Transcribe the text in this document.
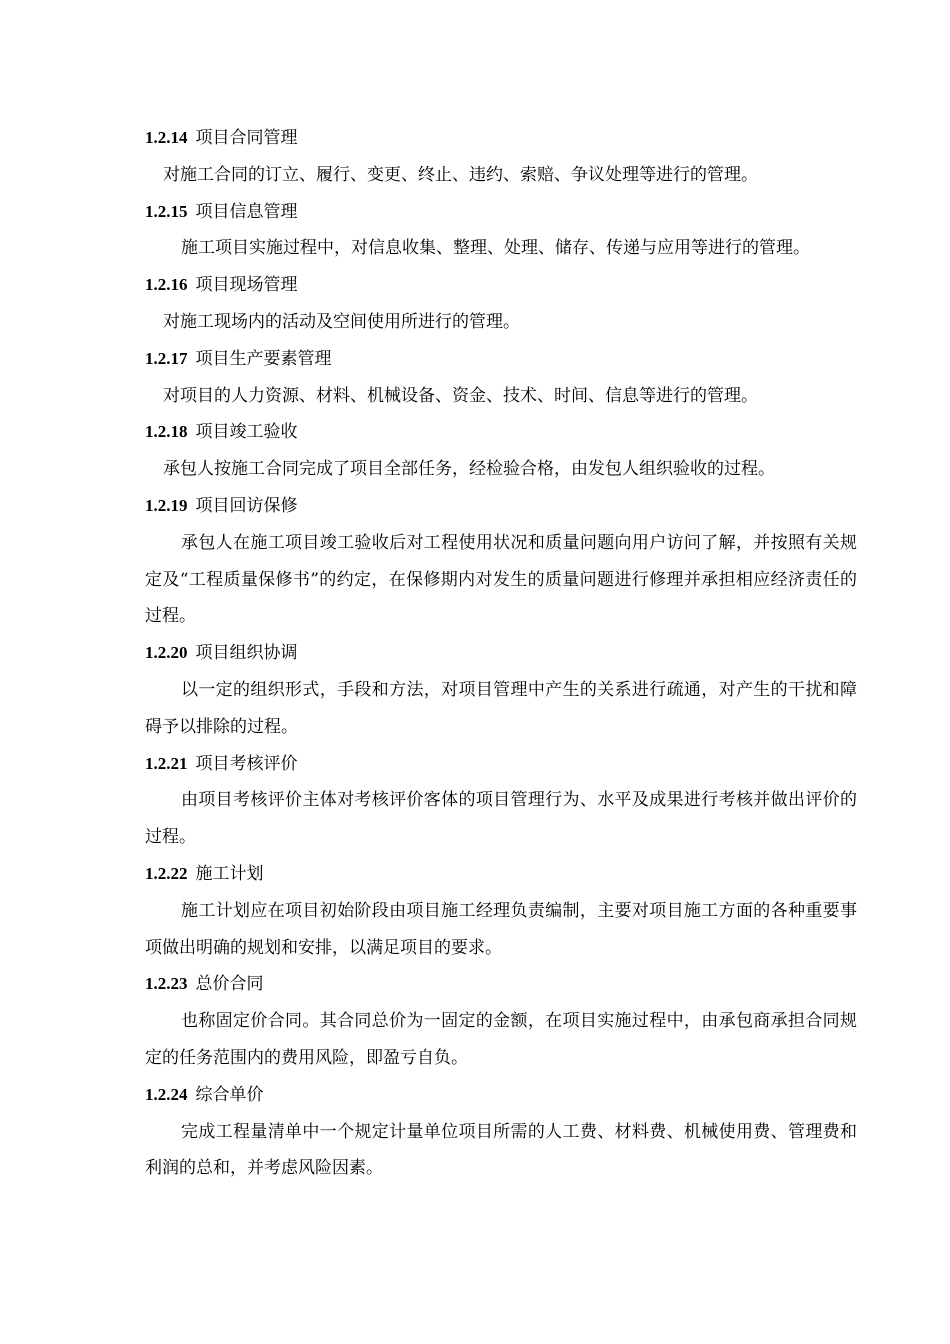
1.2.14 项目合同管理
对施工合同的订立、履行、变更、终止、违约、索赔、争议处理等进行的管理。
1.2.15 项目信息管理
施工项目实施过程中，对信息收集、整理、处理、储存、传递与应用等进行的管理。
1.2.16 项目现场管理
对施工现场内的活动及空间使用所进行的管理。
1.2.17 项目生产要素管理
对项目的人力资源、材料、机械设备、资金、技术、时间、信息等进行的管理。
1.2.18 项目竣工验收
承包人按施工合同完成了项目全部任务，经检验合格，由发包人组织验收的过程。
1.2.19 项目回访保修
承包人在施工项目竣工验收后对工程使用状况和质量问题向用户访问了解，并按照有关规定及“工程质量保修书”的约定，在保修期内对发生的质量问题进行修理并承担相应经济责任的过程。
1.2.20 项目组织协调
以一定的组织形式，手段和方法，对项目管理中产生的关系进行疏通，对产生的干扰和障碍予以排除的过程。
1.2.21 项目考核评价
由项目考核评价主体对考核评价客体的项目管理行为、水平及成果进行考核并做出评价的过程。
1.2.22 施工计划
施工计划应在项目初始阶段由项目施工经理负责编制，主要对项目施工方面的各种重要事项做出明确的规划和安排，以满足项目的要求。
1.2.23 总价合同
也称固定价合同。其合同总价为一固定的金额，在项目实施过程中，由承包商承担合同规定的任务范围内的费用风险，即盈亏自负。
1.2.24 综合单价
完成工程量清单中一个规定计量单位项目所需的人工费、材料费、机械使用费、管理费和利润的总和，并考虑风险因素。
